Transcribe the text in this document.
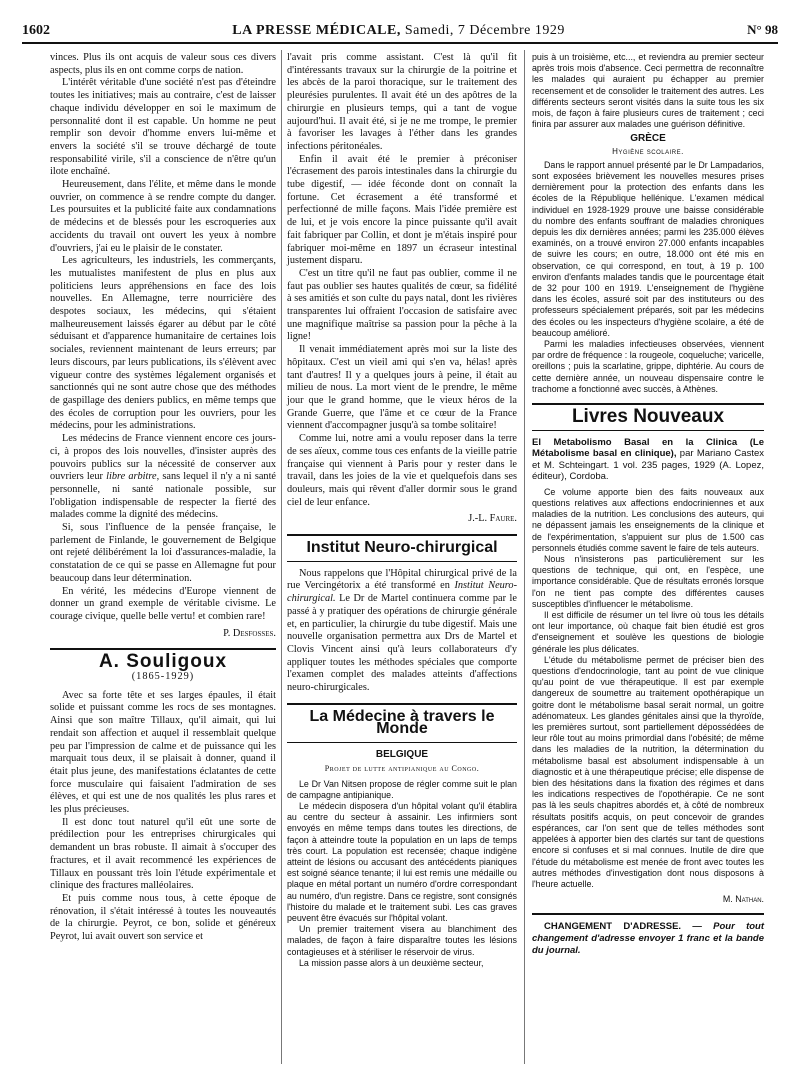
1602	LA PRESSE MÉDICALE, Samedi, 7 Décembre 1929	N° 98

vinces. Plus ils ont acquis de valeur sous ces divers aspects, plus ils en ont comme corps de nation.

L'intérêt véritable d'une société n'est pas d'éteindre toutes les initiatives; mais au contraire, c'est de laisser chaque individu développer en soi le maximum de personnalité dont il est capable. Un homme ne peut remplir son devoir d'homme envers lui-même et envers la société s'il se trouve déchargé de toute responsabilité virile, s'il a conscience de n'être qu'un ilote enchaîné.

Heureusement, dans l'élite, et même dans le monde ouvrier, on commence à se rendre compte du danger. Les poursuites et la publicité faite aux condamnations de médecins et de blessés pour les escroqueries aux accidents du travail ont ouvert les yeux à nombre d'ouvriers, j'ai eu le plaisir de le constater.

Les agriculteurs, les industriels, les commerçants, les mutualistes manifestent de plus en plus aux politiciens leurs appréhensions en face des lois nouvelles. En Allemagne, terre nourricière des despotes sociaux, les médecins, qui s'étaient malheureusement laissés égarer au début par le côté séduisant et d'apparence humanitaire de certaines lois sociales, reviennent maintenant de leurs erreurs; par leurs discours, par leurs publications, ils s'élèvent avec vigueur contre des systèmes légalement organisés et sanctionnés qui ne sont autre chose que des méthodes de gaspillage des deniers publics, en même temps que des écoles de corruption pour les ouvriers, pour les médecins, pour les administrations.

Les médecins de France viennent encore ces jours-ci, à propos des lois nouvelles, d'insister auprès des pouvoirs publics sur la nécessité de conserver aux ouvriers leur libre arbitre, sans lequel il n'y a ni santé personnelle, ni santé nationale possible, sur l'obligation indispensable de respecter la fierté des malades comme la dignité des médecins.

Si, sous l'influence de la pensée française, le parlement de Finlande, le gouvernement de Belgique ont rejeté délibérément la loi d'assurances-maladie, la constatation de ce qui se passe en Allemagne fut pour beaucoup dans leur détermination.

En vérité, les médecins d'Europe viennent de donner un grand exemple de véritable civisme. Le courage civique, quelle belle vertu! et combien rare!

P. Desfosses.
A. Souligoux
(1865-1929)

Avec sa forte tête et ses larges épaules, il était solide et puissant comme les rocs de ses montagnes. Ainsi que son maître Tillaux, qu'il aimait, qui lui rendait son affection et auquel il ressemblait quelque peu par l'impression de calme et de puissance qui les marquait tous deux, il se plaisait à donner, quand il était plus jeune, des manifestations éclatantes de cette force musculaire qui faisaient l'admiration de ses élèves, et qui est une de nos qualités les plus rares et les plus précieuses.

Il est donc tout naturel qu'il eût une sorte de prédilection pour les entreprises chirurgicales qui demandent un bras robuste. Il aimait à s'occuper des fractures, et il avait recommencé les expériences de Tillaux en poussant très loin l'étude expérimentale et clinique des fractures malléolaires.

Et puis comme nous tous, à cette époque de rénovation, il s'était intéressé à toutes les nouveautés de la chirurgie. Peyrot, ce bon, solide et généreux Peyrot, lui avait ouvert son service et

l'avait pris comme assistant. C'est là qu'il fit d'intéressants travaux sur la chirurgie de la poitrine et les abcès de la paroi thoracique, sur le traitement des pleurésies purulentes. Il avait été un des apôtres de la chirurgie en plusieurs temps, qui a tant de vogue aujourd'hui. Il avait été, si je ne me trompe, le premier à favoriser les lavages à l'éther dans les grandes infections péritonéales.

Enfin il avait été le premier à préconiser l'écrasement des parois intestinales dans la chirurgie du tube digestif, — idée féconde dont on connaît la fortune. Cet écrasement a été transformé et perfectionné de mille façons. Mais l'idée première est de lui, et je vois encore la pince puissante qu'il avait fait fabriquer par Collin, et dont je m'étais inspiré pour fabriquer moi-même en 1897 un écraseur intestinal justement disparu.

C'est un titre qu'il ne faut pas oublier, comme il ne faut pas oublier ses hautes qualités de cœur, sa fidélité à ses amitiés et son culte du pays natal, dont les rivières transparentes lui offraient l'occasion de satisfaire avec une magnifique maîtrise sa passion pour la pêche à la ligne!

Il venait immédiatement après moi sur la liste des hôpitaux. C'est un vieil ami qui s'en va, hélas! après tant d'autres! Il y a quelques jours à peine, il était au milieu de nous. La mort vient de le prendre, le même jour que le grand homme, que le vieux héros de la Grande Guerre, que l'âme et ce cœur de la France viennent d'accompagner jusqu'à sa tombe solitaire!

Comme lui, notre ami a voulu reposer dans la terre de ses aïeux, comme tous ces enfants de la vieille patrie française qui viennent à Paris pour y rester dans le travail, dans les joies de la vie et quelquefois dans ses douleurs, mais qui rêvent d'aller dormir sous le grand ciel de leur enfance.

J.-L. Faure.
Institut Neuro-chirurgical

Nous rappelons que l'Hôpital chirurgical privé de la rue Vercingétorix a été transformé en Institut Neuro-chirurgical. Le Dr de Martel continuera comme par le passé à y pratiquer des opérations de chirurgie générale et, en particulier, la chirurgie du tube digestif. Mais une nouvelle organisation permettra aux Drs de Martel et Clovis Vincent ainsi qu'à leurs collaborateurs d'y appliquer toutes les méthodes spéciales que comporte l'examen complet des malades atteints d'affections neuro-chirurgicales.

La Médecine à travers le Monde
BELGIQUE
Projet de lutte antipianique au Congo.

Le Dr Van Nitsen propose de régler comme suit le plan de campagne antipianique.

Le médecin disposera d'un hôpital volant qu'il établira au centre du secteur à assainir. Les infirmiers sont envoyés en même temps dans toutes les directions, de façon à atteindre toute la population en un laps de temps très court. La population est recensée; chaque indigène atteint de lésions ou accusant des antécédents pianiques est soigné séance tenante; il lui est remis une médaille ou plaque en métal portant un numéro d'ordre correspondant au numéro, d'un registre. Dans ce registre, sont consignés l'histoire du malade et le traitement subi. Les cas graves peuvent être évacués sur l'hôpital volant.

Un premier traitement visera au blanchiment des malades, de façon à faire disparaître toutes les lésions contagieuses et à stériliser le réservoir de virus.

La mission passe alors à un deuxième secteur,

puis à un troisième, etc..., et reviendra au premier secteur après trois mois d'absence. Ceci permettra de reconnaître les malades qui auraient pu échapper au premier recensement et de consolider le traitement des autres. Les différents secteurs seront visités dans la suite tous les six mois, de façon à faire plusieurs cures de traitement ; ceci finira par assurer aux malades une guérison définitive.

GRÈCE
Hygiène scolaire.

Dans le rapport annuel présenté par le Dr Lampadarios, sont exposées brièvement les nouvelles mesures prises dernièrement pour la protection des enfants dans les écoles de la République hellénique. L'examen médical individuel en 1928-1929 prouve une baisse considérable du nombre des enfants souffrant de maladies chroniques depuis les dix dernières années; parmi les 235.000 élèves examinés, on a trouvé environ 27.000 enfants incapables de suivre les cours; en outre, 18.000 ont été mis en observation, ce qui correspond, en tout, à 19 p. 100 environ d'enfants malades tandis que le pourcentage était de 32 pour 100 en 1919. L'enseignement de l'hygiène dans les écoles, assuré soit par des instituteurs ou des professeurs spécialement préparés, soit par les médecins des écoles ou les inspecteurs d'hygiène scolaire, a été de beaucoup amélioré.

Parmi les maladies infectieuses observées, viennent par ordre de fréquence : la rougeole, coqueluche; varicelle, oreillons ; puis la scarlatine, grippe, diphtérie. Au cours de cette dernière année, un nouveau dispensaire contre le trachome a fonctionné avec succès, à Athènes.

Livres Nouveaux

El Metabolismo Basal en la Clinica (Le Métabolisme basal en clinique), par Mariano Castex et M. Schteingart. 1 vol. 235 pages, 1929 (A. Lopez, éditeur), Cordoba.

Ce volume apporte bien des faits nouveaux aux questions relatives aux affections endocriniennes et aux maladies de la nutrition. Les conclusions des auteurs, qui ne dépassent jamais les enseignements de la clinique et de l'expérimentation, s'appuient sur plus de 1.500 cas personnels étudiés comme savent le faire de tels auteurs.

Nous n'insisterons pas particulièrement sur les questions de technique, qui ont, en l'espèce, une importance considérable. Que de résultats erronés lorsque l'on ne tient pas compte des différentes causes susceptibles d'influencer le métabolisme.

Il est difficile de résumer un tel livre où tous les détails ont leur importance, où chaque fait bien étudié est gros d'enseignement et soulève les questions de biologie générale les plus délicates.

L'étude du métabolisme permet de préciser bien des questions d'endocrinologie, tant au point de vue clinique qu'au point de vue thérapeutique. Il est par exemple dangereux de soumettre au traitement opothérapique un goitre dont le métabolisme basal serait normal, un goitre adénomateux. Les glandes génitales ainsi que la thyroïde, les premières surtout, sont partiellement dépossédées de leur rôle tout au moins primordial dans l'obésité; de même dans les maladies de la nutrition, la détermination du métabolisme basal est absolument indispensable à un diagnostic et à une thérapeutique précise; elle dispense de bien des hésitations dans la fixation des régimes et dans les indications respectives de l'opothérapie. Ce ne sont pas là les seuls chapitres abordés et, à côté de nombreux résultats positifs acquis, on peut concevoir de grandes espérances, car l'on sent que de telles méthodes sont appelées à apporter bien des clartés sur tant de questions encore si confuses et si mal connues. Inutile de dire que l'étude du métabolisme est menée de front avec toutes les autres méthodes d'investigation dont nous disposons à l'heure actuelle.

M. Nathan.

CHANGEMENT D'ADRESSE. — Pour tout changement d'adresse envoyer 1 franc et la bande du journal.
